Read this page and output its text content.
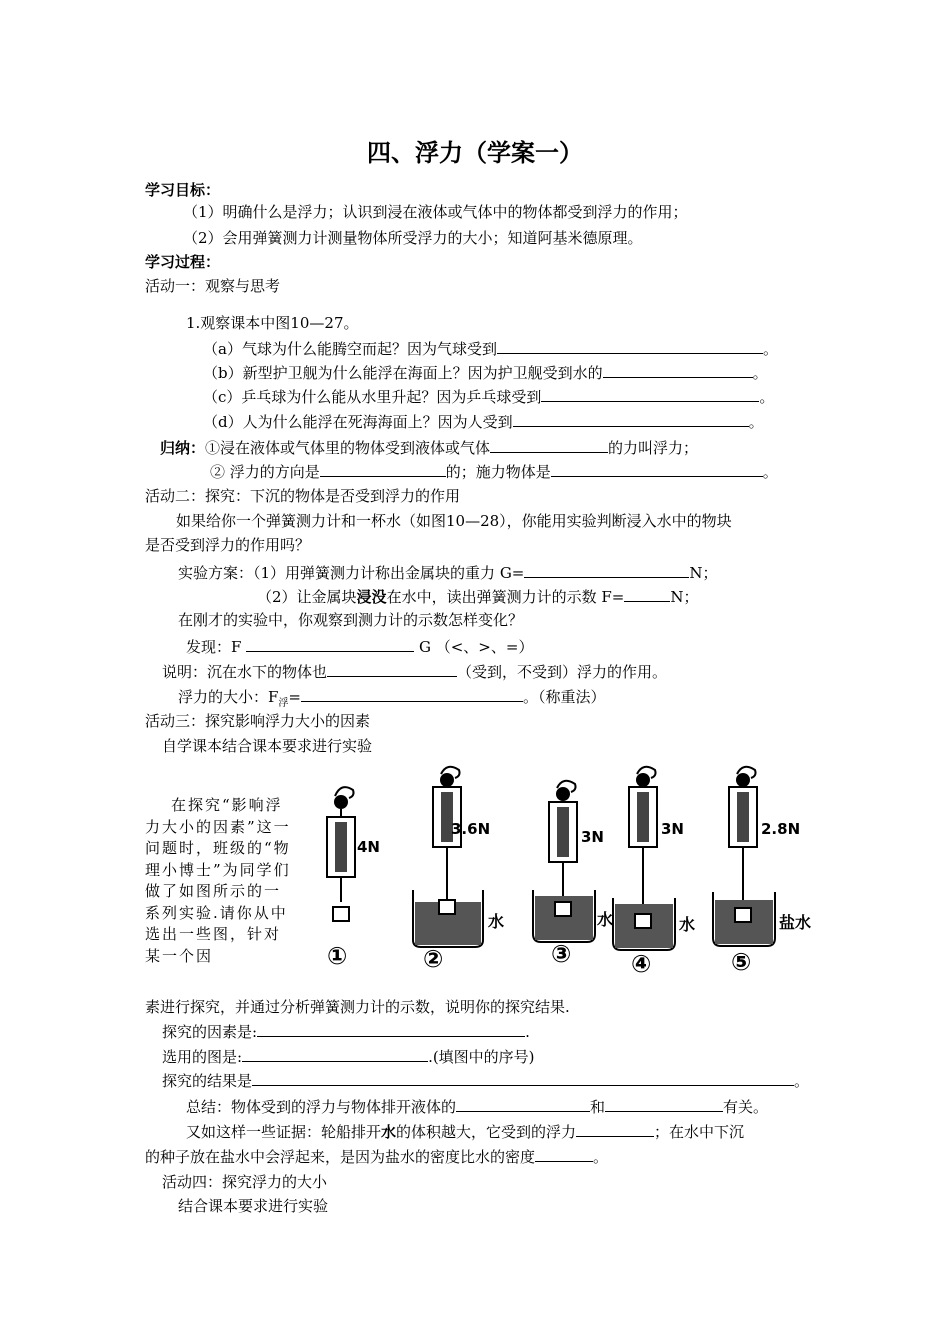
四、浮力（学案一）
学习目标：
（1）明确什么是浮力；认识到浸在液体或气体中的物体都受到浮力的作用；
（2）会用弹簧测力计测量物体所受浮力的大小；知道阿基米德原理。
学习过程：
活动一：观察与思考
1.观察课本中图10—27。
（a）气球为什么能腾空而起？因为气球受到	。
（b）新型护卫舰为什么能浮在海面上？因为护卫舰受到水的	。
（c）乒乓球为什么能从水里升起？因为乒乓球受到	。
（d）人为什么能浮在死海海面上？因为人受到	。
归纳：①浸在液体或气体里的物体受到液体或气体	的力叫浮力；
② 浮力的方向是	的；施力物体是	。
活动二：探究：下沉的物体是否受到浮力的作用
如果给你一个弹簧测力计和一杯水（如图10—28），你能用实验判断浸入水中的物块
是否受到浮力的作用吗？
实验方案：（1）用弹簧测力计称出金属块的重力 G=	N；
（2）让金属块浸没在水中，读出弹簧测力计的示数 F=	N；
在刚才的实验中，你观察到测力计的示数怎样变化？
发现：F	G （<、>、=）
说明：沉在水下的物体也	（受到，不受到）浮力的作用。
浮力的大小：$F_浮=$	。（称重法）
活动三：探究影响浮力大小的因素
自学课本结合课本要求进行实验
在探究“影响浮力大小的因素”这一问题时，班级的“物理小博士”为同学们做了如图所示的一系列实验.请你从中选出一些图，针对某一个因
4N
①
3.6N
水
②
3N
水
③
3N
水
④
2.8N
盐水
⑤
素进行探究，并通过分析弹簧测力计的示数，说明你的探究结果.
探究的因素是:	.
选用的图是:	.(填图中的序号)
探究的结果是	。
总结：物体受到的浮力与物体排开液体的	和	有关。
又如这样一些证据：轮船排开水的体积越大，它受到的浮力	；在水中下沉
的种子放在盐水中会浮起来，是因为盐水的密度比水的密度	。
活动四：探究浮力的大小
结合课本要求进行实验
